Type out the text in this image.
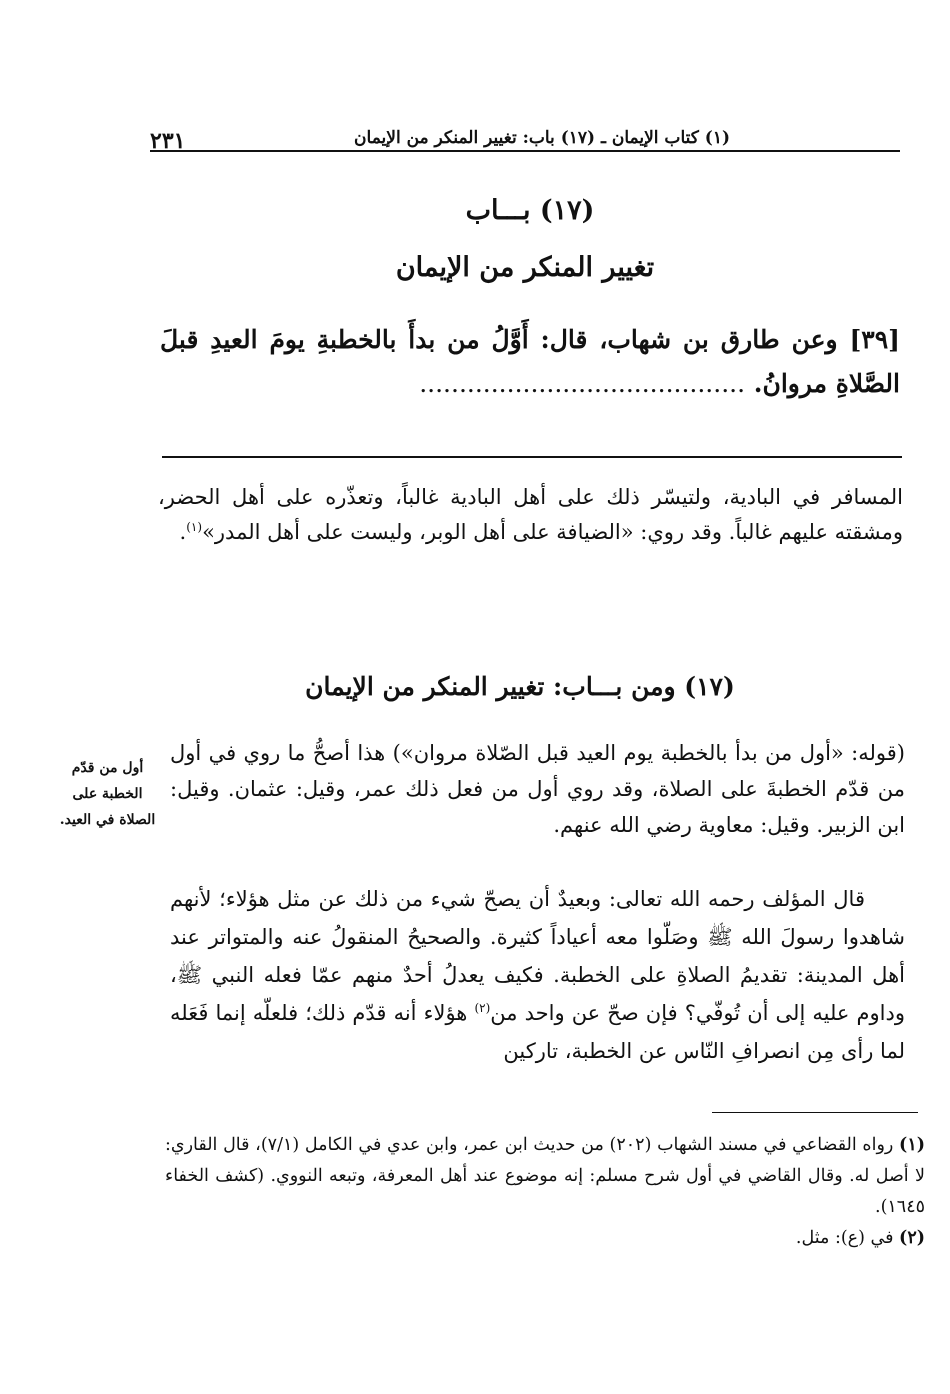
(١) كتاب الإيمان ـ (١٧) باب: تغيير المنكر من الإيمان
٢٣١
(١٧) بـــاب
تغيير المنكر من الإيمان
[٣٩] وعن طارق بن شهاب، قال: أَوَّلُ من بدأَ بالخطبةِ يومَ العيدِ قبلَ الصَّلاةِ مروانُ. .........................................
المسافر في البادية، ولتيسّر ذلك على أهل البادية غالباً، وتعذّره على أهل الحضر، ومشقته عليهم غالباً. وقد روي: «الضيافة على أهل الوبر، وليست على أهل المدر»$^{(١)}$.
(١٧) ومن بـــاب: تغيير المنكر من الإيمان
(قوله: «أول من بدأ بالخطبة يوم العيد قبل الصّلاة مروان») هذا أصحُّ ما روي في أول من قدّم الخطبةَ على الصلاة، وقد روي أول من فعل ذلك عمر، وقيل: عثمان. وقيل: ابن الزبير. وقيل: معاوية رضي الله عنهم.
قال المؤلف رحمه الله تعالى: وبعيدٌ أن يصحّ شيء من ذلك عن مثل هؤلاء؛ لأنهم شاهدوا رسولَ الله ﷺ وصَلّوا معه أعياداً كثيرة. والصحيحُ المنقولُ عنه والمتواتر عند أهل المدينة: تقديمُ الصلاةِ على الخطبة. فكيف يعدلُ أحدٌ منهم عمّا فعله النبي ﷺ، وداوم عليه إلى أن تُوفّي؟ فإن صحّ عن واحد من$^{(٢)}$ هؤلاء أنه قدّم ذلك؛ فلعلّه إنما فَعَله لما رأى مِن انصرافِ النّاس عن الخطبة، تاركين
أول من قدّم الخطبة على الصلاة في العيد.

(١) رواه القضاعي في مسند الشهاب (٢٠٢) من حديث ابن عمر، وابن عدي في الكامل (٧/١)، قال القاري: لا أصل له. وقال القاضي في أول شرح مسلم: إنه موضوع عند أهل المعرفة، وتبعه النووي. (كشف الخفاء ١٦٤٥).

(٢) في (ع): مثل.
